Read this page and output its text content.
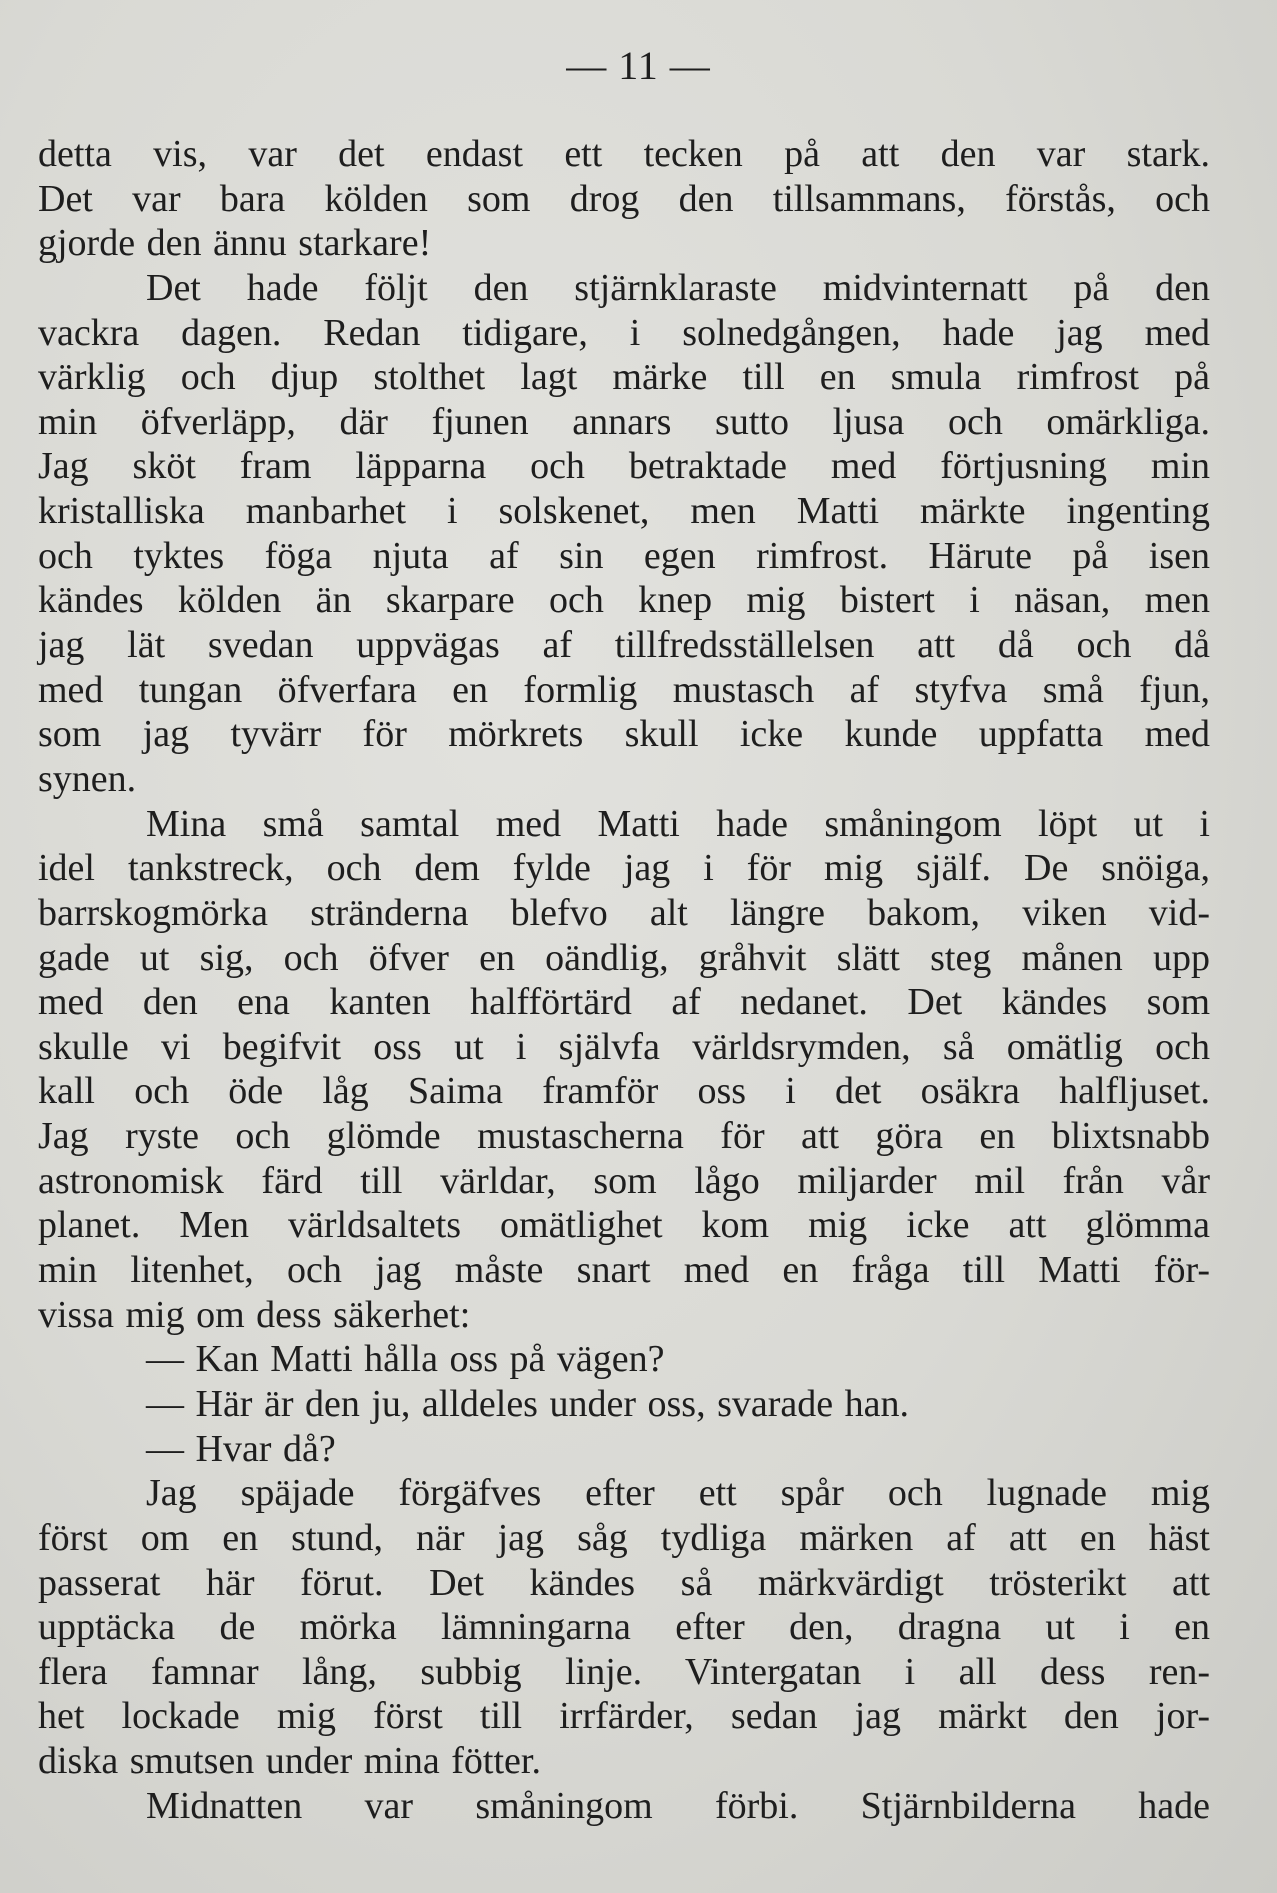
— 11 —
detta vis, var det endast ett tecken på att den var stark.
Det var bara kölden som drog den tillsammans, förstås, och
gjorde den ännu starkare!
Det hade följt den stjärnklaraste midvinternatt på den
vackra dagen. Redan tidigare, i solnedgången, hade jag med
värklig och djup stolthet lagt märke till en smula rimfrost på
min öfverläpp, där fjunen annars sutto ljusa och omärkliga.
Jag sköt fram läpparna och betraktade med förtjusning min
kristalliska manbarhet i solskenet, men Matti märkte ingenting
och tyktes föga njuta af sin egen rimfrost. Härute på isen
kändes kölden än skarpare och knep mig bistert i näsan, men
jag lät svedan uppvägas af tillfredsställelsen att då och då
med tungan öfverfara en formlig mustasch af styfva små fjun,
som jag tyvärr för mörkrets skull icke kunde uppfatta med
synen.
Mina små samtal med Matti hade småningom löpt ut i
idel tankstreck, och dem fylde jag i för mig själf. De snöiga,
barrskogmörka stränderna blefvo alt längre bakom, viken vid-
gade ut sig, och öfver en oändlig, gråhvit slätt steg månen upp
med den ena kanten halfförtärd af nedanet. Det kändes som
skulle vi begifvit oss ut i självfa världsrymden, så omätlig och
kall och öde låg Saima framför oss i det osäkra halfljuset.
Jag ryste och glömde mustascherna för att göra en blixtsnabb
astronomisk färd till världar, som lågo miljarder mil från vår
planet. Men världsaltets omätlighet kom mig icke att glömma
min litenhet, och jag måste snart med en fråga till Matti för-
vissa mig om dess säkerhet:
— Kan Matti hålla oss på vägen?
— Här är den ju, alldeles under oss, svarade han.
— Hvar då?
Jag späjade förgäfves efter ett spår och lugnade mig
först om en stund, när jag såg tydliga märken af att en häst
passerat här förut. Det kändes så märkvärdigt trösterikt att
upptäcka de mörka lämningarna efter den, dragna ut i en
flera famnar lång, subbig linje. Vintergatan i all dess ren-
het lockade mig först till irrfärder, sedan jag märkt den jor-
diska smutsen under mina fötter.
Midnatten var småningom förbi. Stjärnbilderna hade
